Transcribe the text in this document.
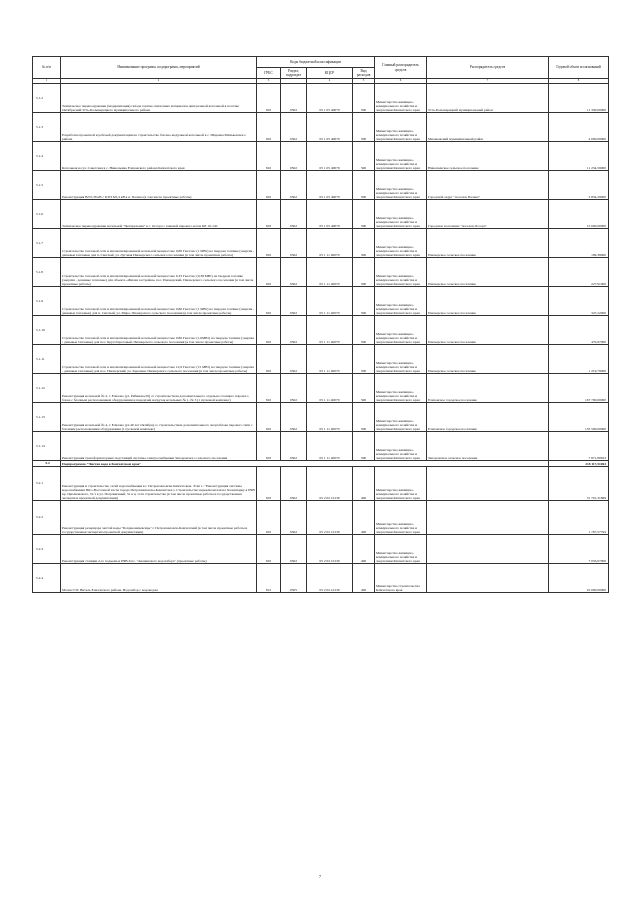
№ п/п	Наименование программ, подпрограмм, мероприятий	Коды бюджетной классификации				Главный распорядитель средств	Распорядитель средств	Годовой объем ассигнований
		ГРБС	Раздел, подраздел	КЦСР	Вид расходов			
1	2	3		4	5	6	7	8
5.1.2	Техническое перевооружение (модернизация) склада горюче-смазочных материалов центральной котельной в поселке Октябрьский Усть-Большерецкого муниципального района	810	0502	05 1 05 40070	500	Министерство жилищно-коммунального хозяйства и энергетики Камчатского края	Усть-Большерецкий муниципальный район	11 330,00000
5.1.3	Разработка проектной и рабочей документации на строительство блочно-модульной котельной в с. Шаромы Мильковского района	810	0502	05 1 05 40070	500	Министерство жилищно-коммунального хозяйства и энергетики Камчатского края	Мильковский муниципальный район	4 000,00000
5.1.4	Котельная на ул. Советская в с. Николаевка Елизовского района Камчатского края	810	0502	05 1 05 40070	500	Министерство жилищно-коммунального хозяйства и энергетики Камчатского края	Николаевское сельское поселение	11 234,59000
5.1.5	Реконструкция ВЛ 0,38 кВ с КТП 6/0,4 кВ в п. Палана (в том числе проектные работы)	810	0502	05 1 05 40070	500	Министерство жилищно-коммунального хозяйства и энергетики Камчатского края	Городской округ "поселок Палана"	3 834,29000
5.1.6	Техническое перевооружение котельной "Центральная" в с. Оссора с заменой парового котла КЕ 10-14С	810	0502	05 1 05 40070	500	Министерство жилищно-коммунального хозяйства и энергетики Камчатского края	Городское поселение "поселок Оссора"	15 000,00000
5.1.7	Строительство тепловой сети и автоматизированной котельной мощностью 0,86 Гкал/час (1 МВт) на твердом топливе (энергия - дешевые тепловые для п. Светлый, ул. Луговая Пионерского сельского поселения (в том числе проектные работы)	810	0502	05 1 11 40070	500	Министерство жилищно-коммунального хозяйства и энергетики Камчатского края	Пионерское сельское поселение	189,38000
5.1.8	Строительство тепловой сети и автоматизированной котельной мощностью 0,33 Гкал/час (0,38 МВт) на твердом топливе (энергия - дешевые тепловые) для объекта «Жилая застройка» пос. Пионерский, Пионерского сельского поселения (в том числе проектные работы)	810	0502	05 1 11 40070	500	Министерство жилищно-коммунального хозяйства и энергетики Камчатского края	Пионерское сельское поселение	227,91000
5.1.9	Строительство тепловой сети и автоматизированной котельной мощностью 0,86 Гкал/час (1 МВт) на твердом топливе (энергия - дешевые тепловые) для п. Светлый, ул. Мира, Пионерского сельского поселения (в том числе проектные работы)	810	0502	05 1 11 40070	500	Министерство жилищно-коммунального хозяйства и энергетики Камчатского края	Пионерское сельское поселение	347,22000
5.1.10	Строительство тепловой сети и автоматизированной котельной мощностью 0,86 Гкал/час (1,0МВт) на твердом топливе (энергия - дешевые тепловые) для пос. Крутобереговый, Пионерского сельского поселения (в том числе проектные работы)	810	0502	05 1 11 40070	500	Министерство жилищно-коммунального хозяйства и энергетики Камчатского края	Пионерское сельское поселение	470,97000
5.1.11	Строительство тепловой сети и автоматизированной котельной мощностью 12,9 Гкал/час (15 МВт) на твердом топливе (энергия - дешевые тепловые) для пос. Пионерский, ул. Заречная. Пионерского сельского поселения (в том числе проектные работы)	810	0502	05 1 11 40070	500	Министерство жилищно-коммунального хозяйства и энергетики Камчатского края	Пионерское сельское поселение	1 219,79000
5.1.12	Реконструкция котельной № 2, г. Елизово (ул. Рябикова,59) со строительством дополнительного отдельно стоящего парового блока с блочным расположением оборудования и передачей нагрузок котельных № 1, № 3 (1 пусковой комплекс)	810	0502	05 1 11 40070	500	Министерство жилищно-коммунального хозяйства и энергетики Камчатского края	Елизовское городское поселение	167 700,00000
5.1.13	Реконструкция котельной № 4, г. Елизово (ул.40 лет Октября) со строительством дополнительного энергоблока парового типа с блочным расположением оборудования (1 пусковой комплекс)	810	0502	05 1 11 40070	500	Министерство жилищно-коммунального хозяйства и энергетики Камчатского края	Елизовское городское поселение	155 500,00000
5.1.14	Реконструкция трансформаторных подстанций системы электроснабжения Запорожского сельского поселения	810	0502	05 1 11 40070	500	Министерство жилищно-коммунального хозяйства и энергетики Камчатского края	Запорожское сельское поселение	7 871,80923
5.2	Подпрограмма "Чистая вода в Камчатском крае"							218 117,51063
5.2.1	Реконструкция и строительство сетей водоснабжения в г. Петропавловске-Камчатском. Этап 1. "Реконструкция системы водоснабжения Юго-Восточной части города Петропавловска-Камчатского. Строительство переключателя на Халактырку в РЧВ пр. Циолковского, 31/1 в ул. Пограничный, 31 в ц. этап строительства (в том числе проектные работы и государственная экспертиза проектной документации)	810	0502	05 2 02 10130	400	Министерство жилищно-коммунального хозяйства и энергетики Камчатского края		31 701,31869
5.2.2	Реконструкция резервуара чистой воды "Богдановичевсирь" г. Петропавловск-Камчатский (в том числе проектные работы и государственная экспертиза проектной документации)	810	0502	05 2 02 10130	400	Министерство жилищно-коммунального хозяйства и энергетики Камчатского края		1 767,57794
5.2.3	Реконструкция станции 2-го подъема и РЧВ-6 пс. "Авачинского водозабора" (проектные работы)	810	0502	05 2 02 10130	400	Министерство жилищно-коммунального хозяйства и энергетики Камчатского края		7 033,07000
5.2.4	Малая ГЭС Витель Елизовского района. Водозабор с водоводом	812	0505	05 2 02 10130	400	Министерство строительства Камчатского края		10 000,00000
7
